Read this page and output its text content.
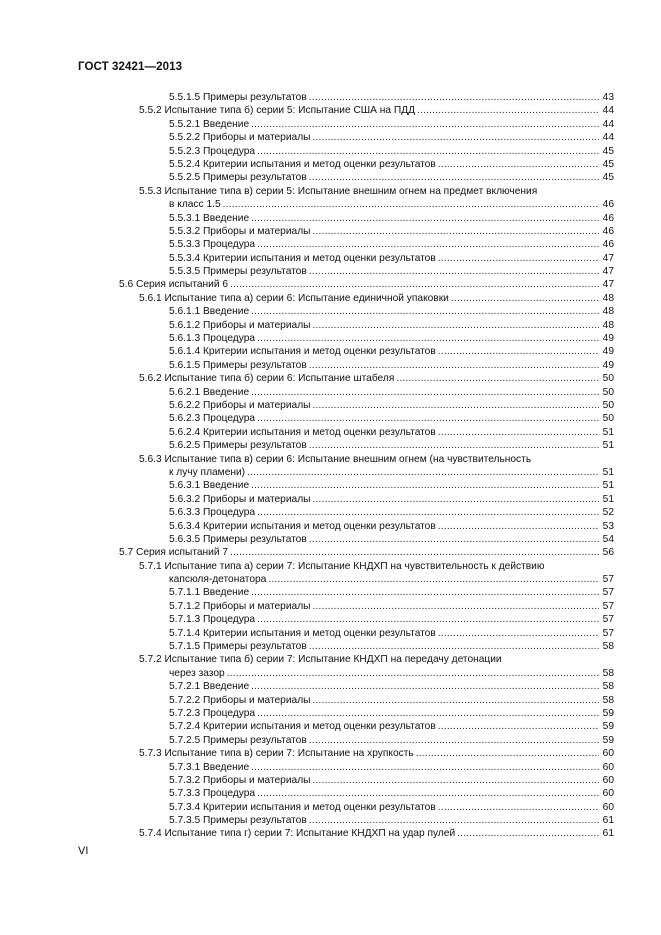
ГОСТ 32421—2013
5.5.1.5 Примеры результатов .....	43
5.5.2 Испытание типа б) серии 5: Испытание США на ПДД .....	44
5.5.2.1 Введение .....	44
5.5.2.2 Приборы и материалы .....	44
5.5.2.3 Процедура .....	45
5.5.2.4 Критерии испытания и метод оценки результатов .....	45
5.5.2.5 Примеры результатов .....	45
5.5.3 Испытание типа в) серии 5: Испытание внешним огнем на предмет включения
в класс 1.5 .....	46
5.5.3.1 Введение .....	46
5.5.3.2 Приборы и материалы .....	46
5.5.3.3 Процедура .....	46
5.5.3.4 Критерии испытания и метод оценки результатов .....	47
5.5.3.5 Примеры результатов .....	47
5.6 Серия испытаний 6 .....	47
5.6.1 Испытание типа а) серии 6: Испытание единичной упаковки .....	48
5.6.1.1 Введение .....	48
5.6.1.2 Приборы и материалы .....	48
5.6.1.3 Процедура .....	49
5.6.1.4 Критерии испытания и метод оценки результатов .....	49
5.6.1.5 Примеры результатов .....	49
5.6.2 Испытание типа б) серии 6: Испытание штабеля .....	50
5.6.2.1 Введение .....	50
5.6.2.2 Приборы и материалы .....	50
5.6.2.3 Процедура .....	50
5.6.2.4 Критерии испытания и метод оценки результатов .....	51
5.6.2.5 Примеры результатов .....	51
5.6.3 Испытание типа в) серии 6: Испытание внешним огнем (на чувствительность
к лучу пламени) .....	51
5.6.3.1 Введение .....	51
5.6.3.2 Приборы и материалы .....	51
5.6.3.3 Процедура .....	52
5.6.3.4 Критерии испытания и метод оценки результатов .....	53
5.6.3.5 Примеры результатов .....	54
5.7 Серия испытаний 7 .....	56
5.7.1 Испытание типа а) серии 7: Испытание КНДХП на чувствительность к действию
капсюля-детонатора .....	57
5.7.1.1 Введение .....	57
5.7.1.2 Приборы и материалы .....	57
5.7.1.3 Процедура .....	57
5.7.1.4 Критерии испытания и метод оценки результатов .....	57
5.7.1.5 Примеры результатов .....	58
5.7.2 Испытание типа б) серии 7: Испытание КНДХП на передачу детонации
через зазор .....	58
5.7.2.1 Введение .....	58
5.7.2.2 Приборы и материалы .....	58
5.7.2.3 Процедура .....	59
5.7.2.4 Критерии испытания и метод оценки результатов .....	59
5.7.2.5 Примеры результатов .....	59
5.7.3 Испытание типа в) серии 7: Испытание на хрупкость .....	60
5.7.3.1 Введение .....	60
5.7.3.2 Приборы и материалы .....	60
5.7.3.3 Процедура .....	60
5.7.3.4 Критерии испытания и метод оценки результатов .....	60
5.7.3.5 Примеры результатов .....	61
5.7.4 Испытание типа г) серии 7: Испытание КНДХП на удар пулей .....	61
VI
